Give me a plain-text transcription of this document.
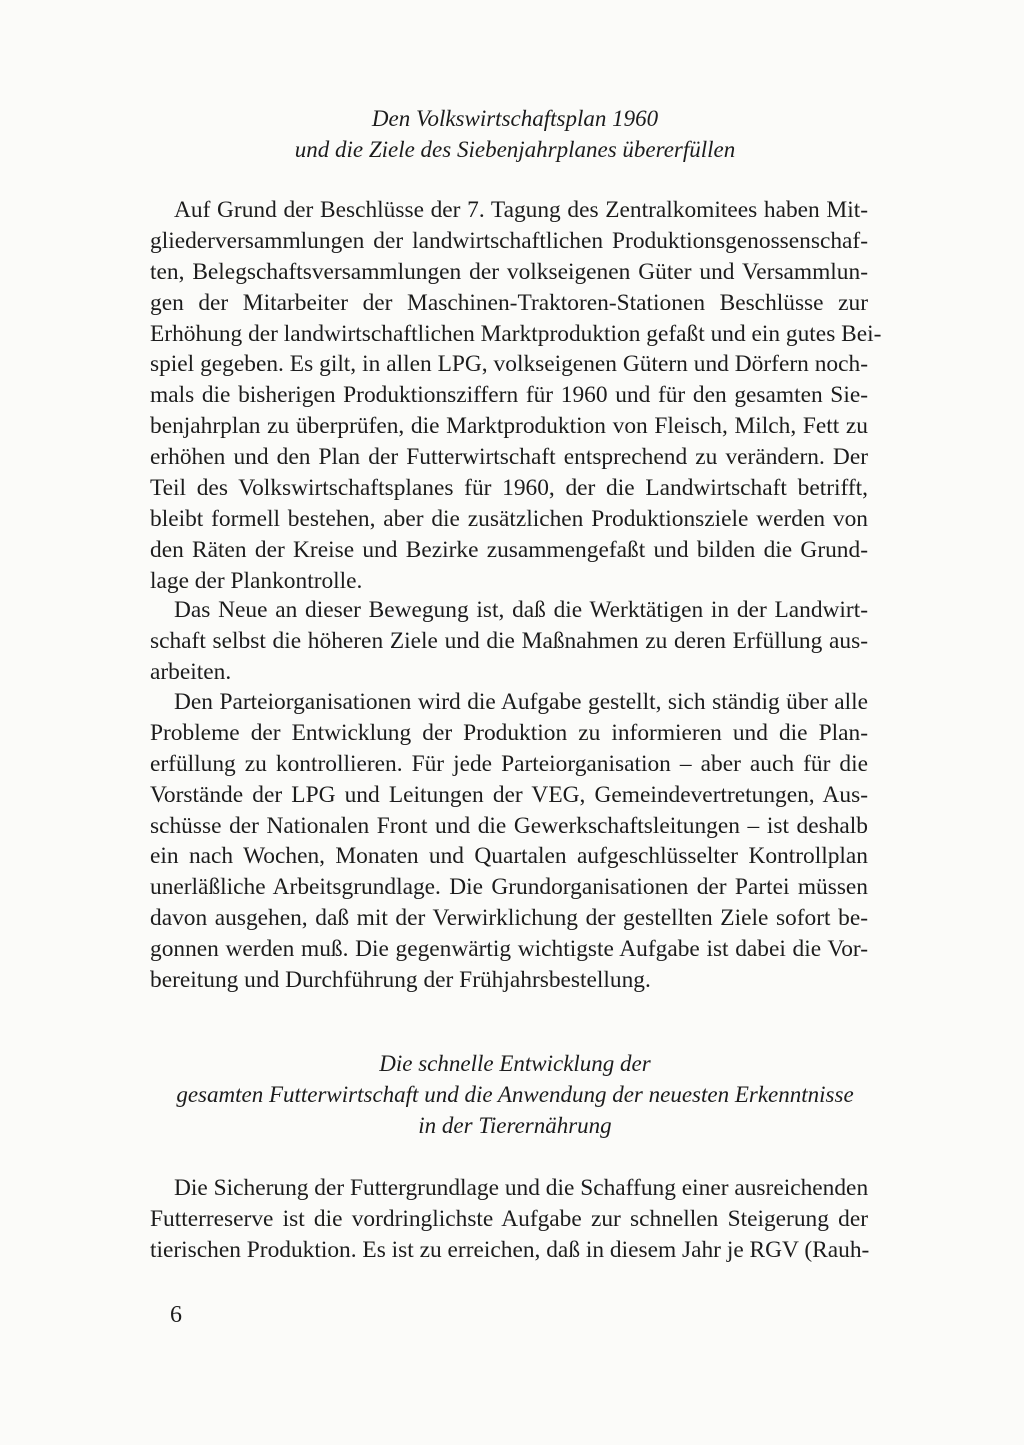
Den Volkswirtschaftsplan 1960
und die Ziele des Siebenjahrplanes übererfüllen
Auf Grund der Beschlüsse der 7. Tagung des Zentralkomitees haben Mit-
gliederversammlungen der landwirtschaftlichen Produktionsgenossenschaf-
ten, Belegschaftsversammlungen der volkseigenen Güter und Versammlun-
gen der Mitarbeiter der Maschinen-Traktoren-Stationen Beschlüsse zur
Erhöhung der landwirtschaftlichen Marktproduktion gefaßt und ein gutes Bei-
spiel gegeben. Es gilt, in allen LPG, volkseigenen Gütern und Dörfern noch-
mals die bisherigen Produktionsziffern für 1960 und für den gesamten Sie-
benjahrplan zu überprüfen, die Marktproduktion von Fleisch, Milch, Fett zu
erhöhen und den Plan der Futterwirtschaft entsprechend zu verändern. Der
Teil des Volkswirtschaftsplanes für 1960, der die Landwirtschaft betrifft,
bleibt formell bestehen, aber die zusätzlichen Produktionsziele werden von
den Räten der Kreise und Bezirke zusammengefaßt und bilden die Grund-
lage der Plankontrolle.
Das Neue an dieser Bewegung ist, daß die Werktätigen in der Landwirt-
schaft selbst die höheren Ziele und die Maßnahmen zu deren Erfüllung aus-
arbeiten.
Den Parteiorganisationen wird die Aufgabe gestellt, sich ständig über alle
Probleme der Entwicklung der Produktion zu informieren und die Plan-
erfüllung zu kontrollieren. Für jede Parteiorganisation – aber auch für die
Vorstände der LPG und Leitungen der VEG, Gemeindevertretungen, Aus-
schüsse der Nationalen Front und die Gewerkschaftsleitungen – ist deshalb
ein nach Wochen, Monaten und Quartalen aufgeschlüsselter Kontrollplan
unerläßliche Arbeitsgrundlage. Die Grundorganisationen der Partei müssen
davon ausgehen, daß mit der Verwirklichung der gestellten Ziele sofort be-
gonnen werden muß. Die gegenwärtig wichtigste Aufgabe ist dabei die Vor-
bereitung und Durchführung der Frühjahrsbestellung.
Die schnelle Entwicklung der
gesamten Futterwirtschaft und die Anwendung der neuesten Erkenntnisse
in der Tierernährung
Die Sicherung der Futtergrundlage und die Schaffung einer ausreichenden
Futterreserve ist die vordringlichste Aufgabe zur schnellen Steigerung der
tierischen Produktion. Es ist zu erreichen, daß in diesem Jahr je RGV (Rauh-
6
